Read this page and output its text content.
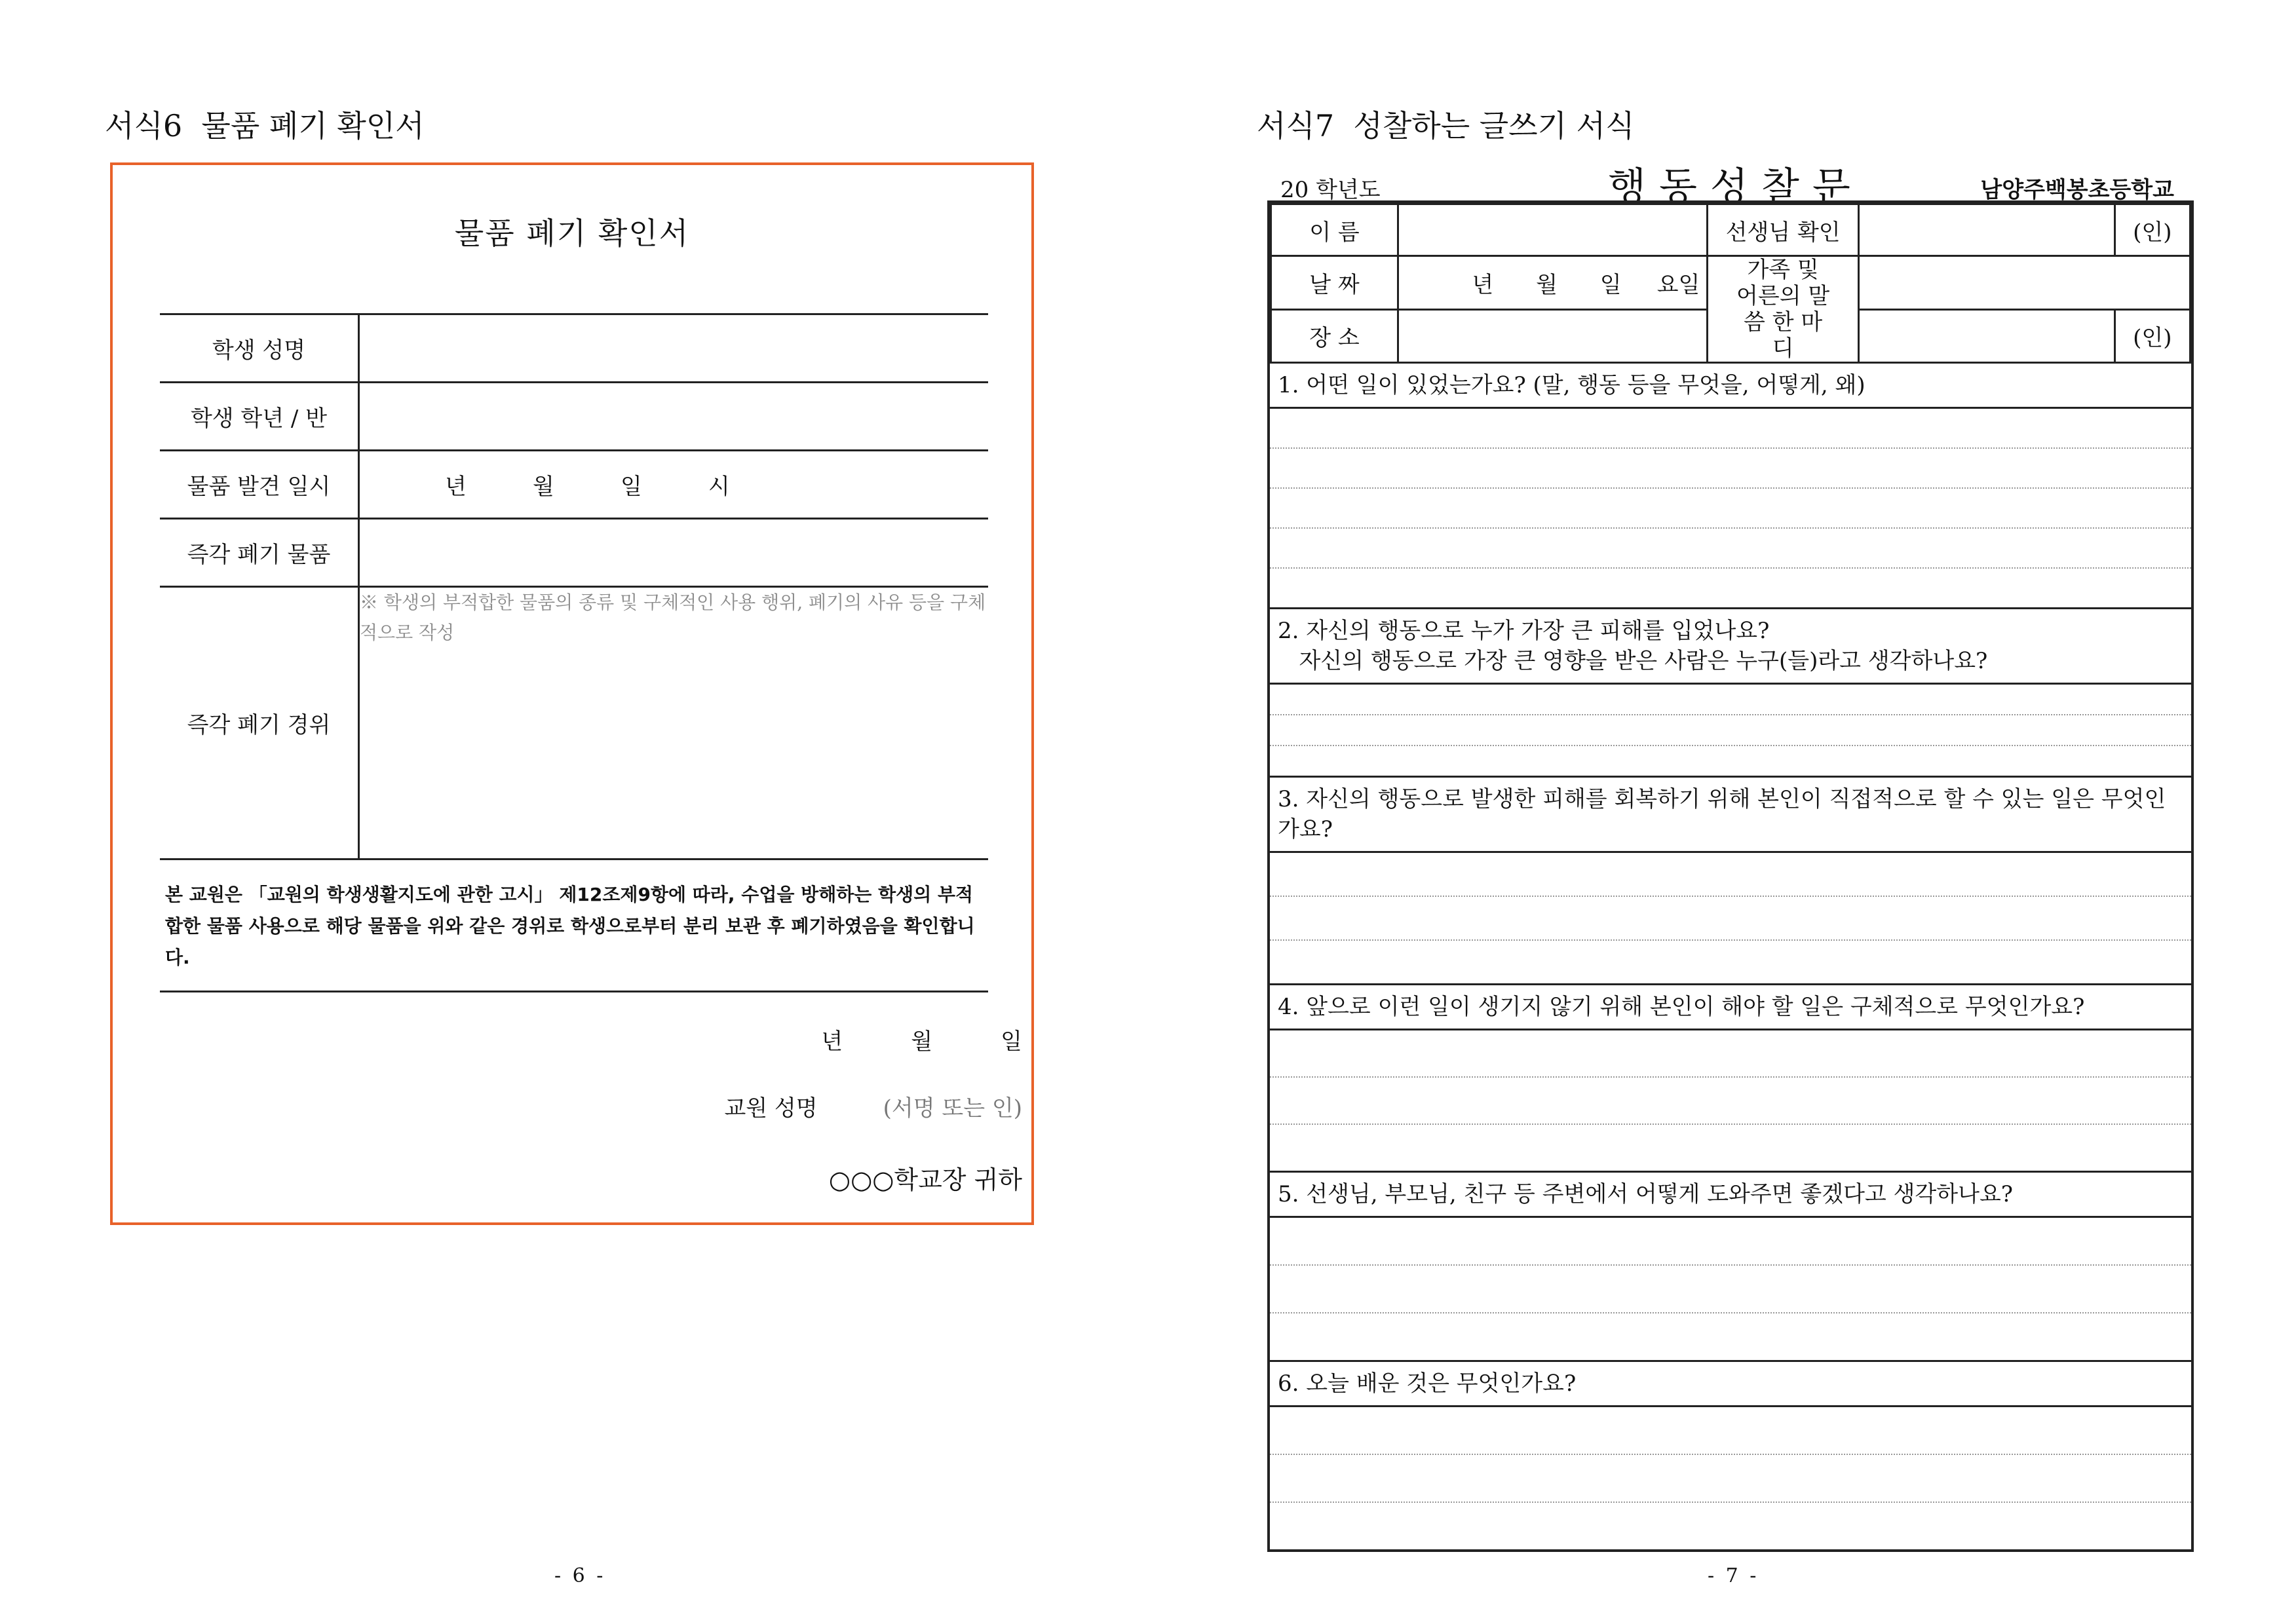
서식6  물품 폐기 확인서
물품 폐기 확인서
학생 성명	
학생 학년 / 반	
물품 발견 일시	년 월 일 시
즉각 폐기 물품	
즉각 폐기 경위	※ 학생의 부적합한 물품의 종류 및 구체적인 사용 행위, 폐기의 사유 등을 구체적으로 작성
본 교원은 「교원의 학생생활지도에 관한 고시」 제12조제9항에 따라, 수업을 방해하는 학생의 부적합한 물품 사용으로 해당 물품을 위와 같은 경위로 학생으로부터 분리 보관 후 폐기하였음을 확인합니다.
년	월	일
교원 성명	(서명 또는 인)
○○○학교장 귀하
- 6 -
서식7  성찰하는 글쓰기 서식
20 학년도	행동성찰문	남양주백봉초등학교
이 름		선생님 확인		(인)
날 짜	년 월 일 요일	가족 및 어른의 말씀 한 마디		
장 소				(인)
1. 어떤 일이 있었는가요? (말, 행동 등을 무엇을, 어떻게, 왜)
2. 자신의 행동으로 누가 가장 큰 피해를 입었나요?
자신의 행동으로 가장 큰 영향을 받은 사람은 누구(들)라고 생각하나요?
3. 자신의 행동으로 발생한 피해를 회복하기 위해 본인이 직접적으로 할 수 있는 일은 무엇인가요?
4. 앞으로 이런 일이 생기지 않기 위해 본인이 해야 할 일은 구체적으로 무엇인가요?
5. 선생님, 부모님, 친구 등 주변에서 어떻게 도와주면 좋겠다고 생각하나요?
6. 오늘 배운 것은 무엇인가요?
- 7 -
